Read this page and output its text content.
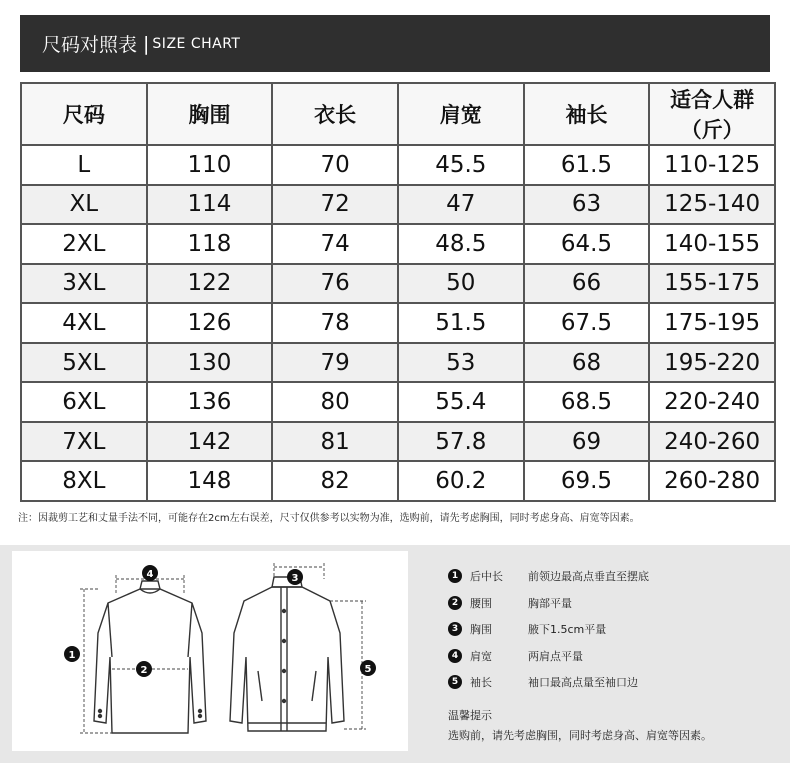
尺码对照表 | SIZE CHART
尺码	胸围	衣长	肩宽	袖长	适合人群（斤）
L	110	70	45.5	61.5	110-125
XL	114	72	47	63	125-140
2XL	118	74	48.5	64.5	140-155
3XL	122	76	50	66	155-175
4XL	126	78	51.5	67.5	175-195
5XL	130	79	53	68	195-220
6XL	136	80	55.4	68.5	220-240
7XL	142	81	57.8	69	240-260
8XL	148	82	60.2	69.5	260-280
注：因裁剪工艺和丈量手法不同，可能存在2cm左右误差，尺寸仅供参考以实物为准，选购前，请先考虑胸围，同时考虑身高、肩宽等因素。
4
1
2
3
5
1	后中长	前领边最高点垂直至摆底
2	腰围	胸部平量
3	胸围	腋下1.5cm平量
4	肩宽	两肩点平量
5	袖长	袖口最高点量至袖口边
温馨提示
选购前，请先考虑胸围，同时考虑身高、肩宽等因素。
